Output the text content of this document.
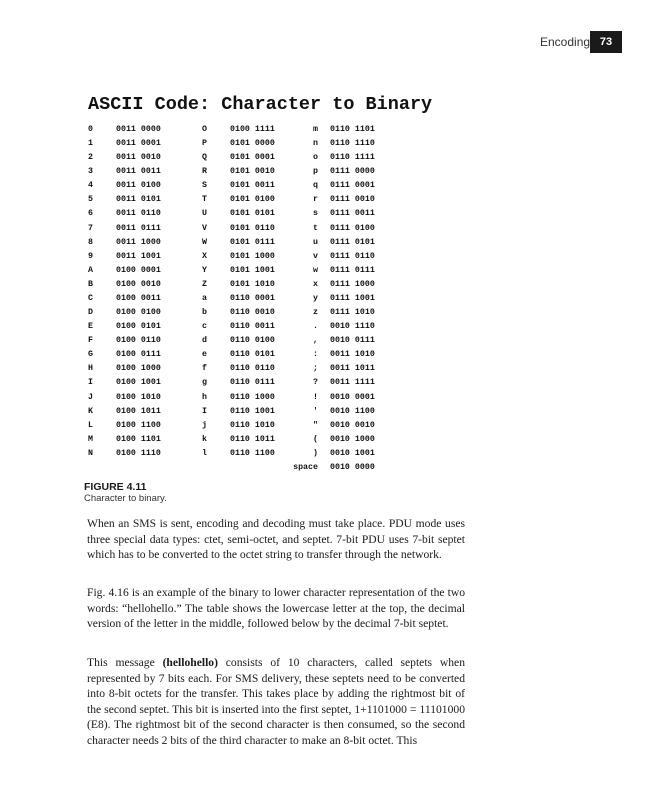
Encoding 73
ASCII Code: Character to Binary
0	0011 0000	O	0100 1111	m 0110 1101
1	0011 0001	P	0101 0000	n 0110 1110
2	0011 0010	Q	0101 0001	o 0110 1111
3	0011 0011	R	0101 0010	p 0111 0000
4	0011 0100	S	0101 0011	q 0111 0001
5	0011 0101	T	0101 0100	r 0111 0010
6	0011 0110	U	0101 0101	s 0111 0011
7	0011 0111	V	0101 0110	t 0111 0100
8	0011 1000	W	0101 0111	u 0111 0101
9	0011 1001	X	0101 1000	v 0111 0110
A	0100 0001	Y	0101 1001	w 0111 0111
B	0100 0010	Z	0101 1010	x 0111 1000
C	0100 0011	a	0110 0001	y 0111 1001
D	0100 0100	b	0110 0010	z 0111 1010
E	0100 0101	c	0110 0011	. 0010 1110
F	0100 0110	d	0110 0100	, 0010 0111
G	0100 0111	e	0110 0101	: 0011 1010
H	0100 1000	f	0110 0110	; 0011 1011
I	0100 1001	g	0110 0111	? 0011 1111
J	0100 1010	h	0110 1000	! 0010 0001
K	0100 1011	I	0110 1001	' 0010 1100
L	0100 1100	j	0110 1010	" 0010 0010
M	0100 1101	k	0110 1011	( 0010 1000
N	0100 1110	l	0110 1100	) 0010 1001
space 0010 0000
FIGURE 4.11
Character to binary.
When an SMS is sent, encoding and decoding must take place. PDU mode uses three special data types: ctet, semi-octet, and septet. 7-bit PDU uses 7-bit septet which has to be converted to the octet string to transfer through the network.
Fig. 4.16 is an example of the binary to lower character representation of the two words: “hellohello.” The table shows the lowercase letter at the top, the decimal version of the letter in the middle, followed below by the decimal 7-bit septet.
This message (hellohello) consists of 10 characters, called septets when represented by 7 bits each. For SMS delivery, these septets need to be converted into 8-bit octets for the transfer. This takes place by adding the rightmost bit of the second septet. This bit is inserted into the first septet, 1+1101000 = 11101000 (E8). The rightmost bit of the second character is then consumed, so the second character needs 2 bits of the third character to make an 8-bit octet. This
